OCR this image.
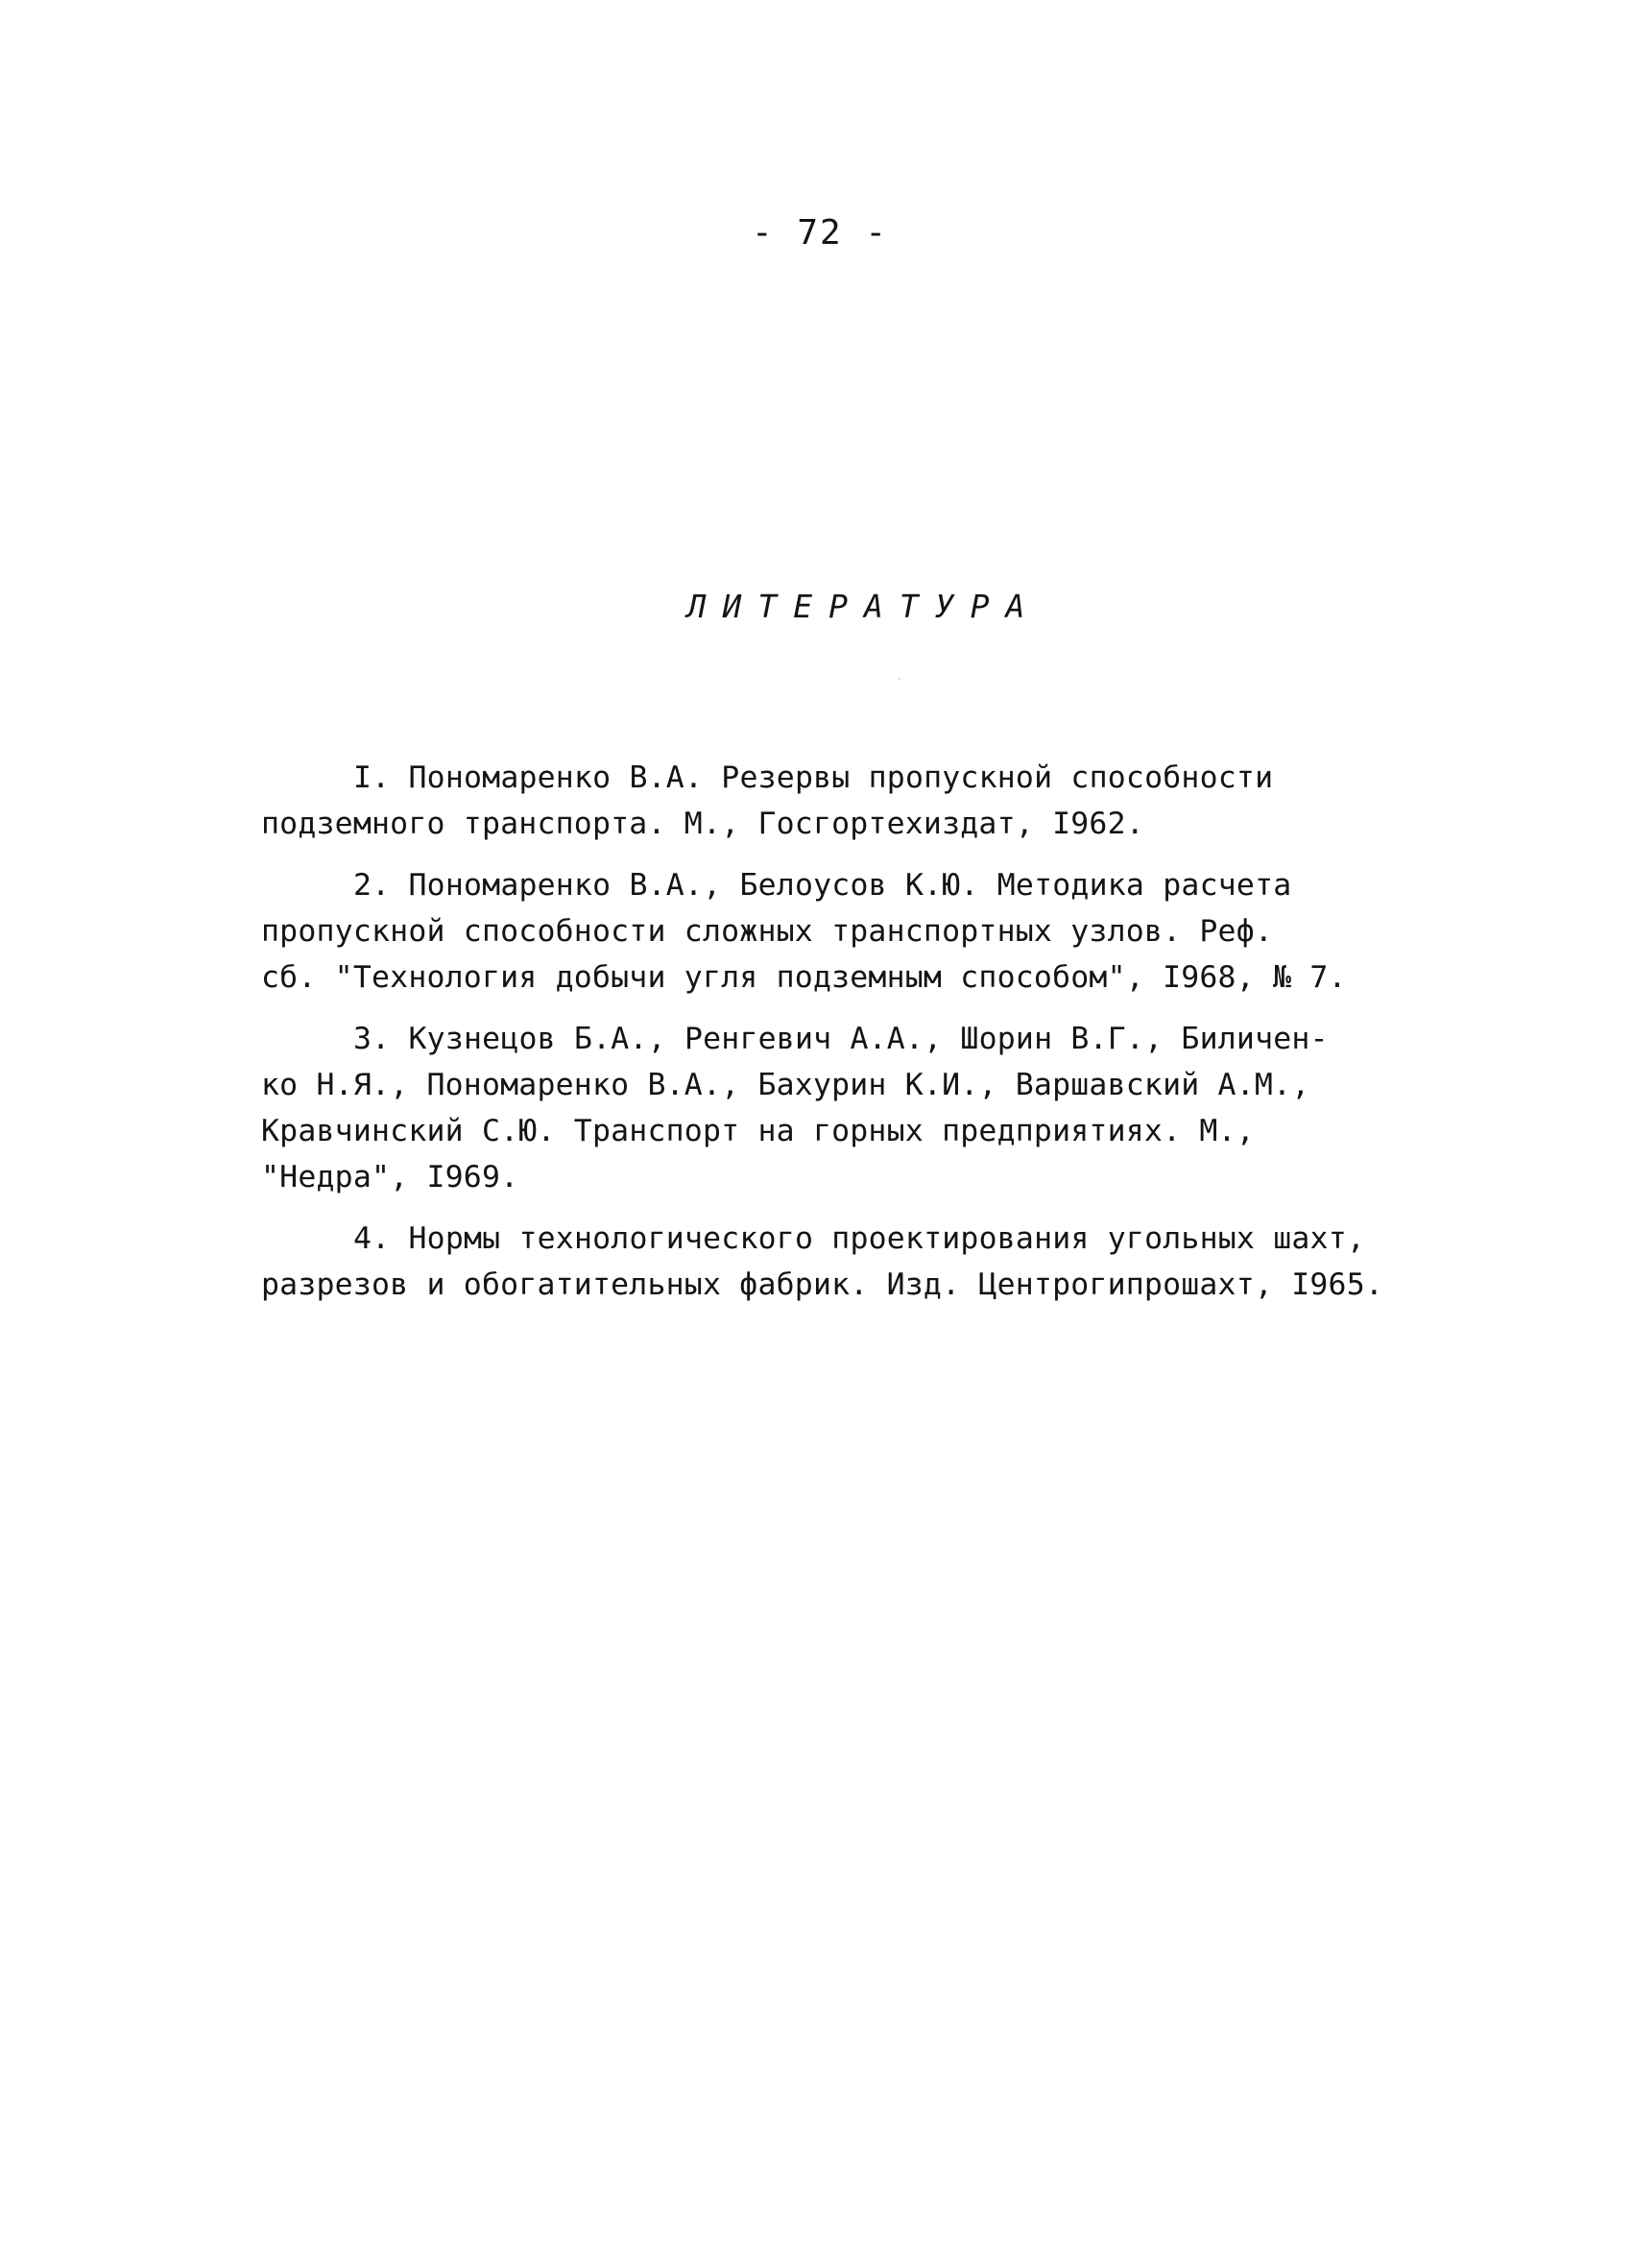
- 72 -
ЛИТЕРАТУРА
I. Пономаренко В.А. Резервы пропускной способности
подземного транспорта. М., Госгортехиздат, I962.
2. Пономаренко В.А., Белоусов К.Ю. Методика расчета
пропускной способности сложных транспортных узлов. Реф.
сб. "Технология добычи угля подземным способом", I968, № 7.
3. Кузнецов Б.А., Ренгевич А.А., Шорин В.Г., Биличен-
ко Н.Я., Пономаренко В.А., Бахурин К.И., Варшавский А.М.,
Кравчинский С.Ю. Транспорт на горных предприятиях. М.,
"Недра", I969.
4. Нормы технологического проектирования угольных шахт,
разрезов и обогатительных фабрик. Изд. Центрогипрошахт, I965.
